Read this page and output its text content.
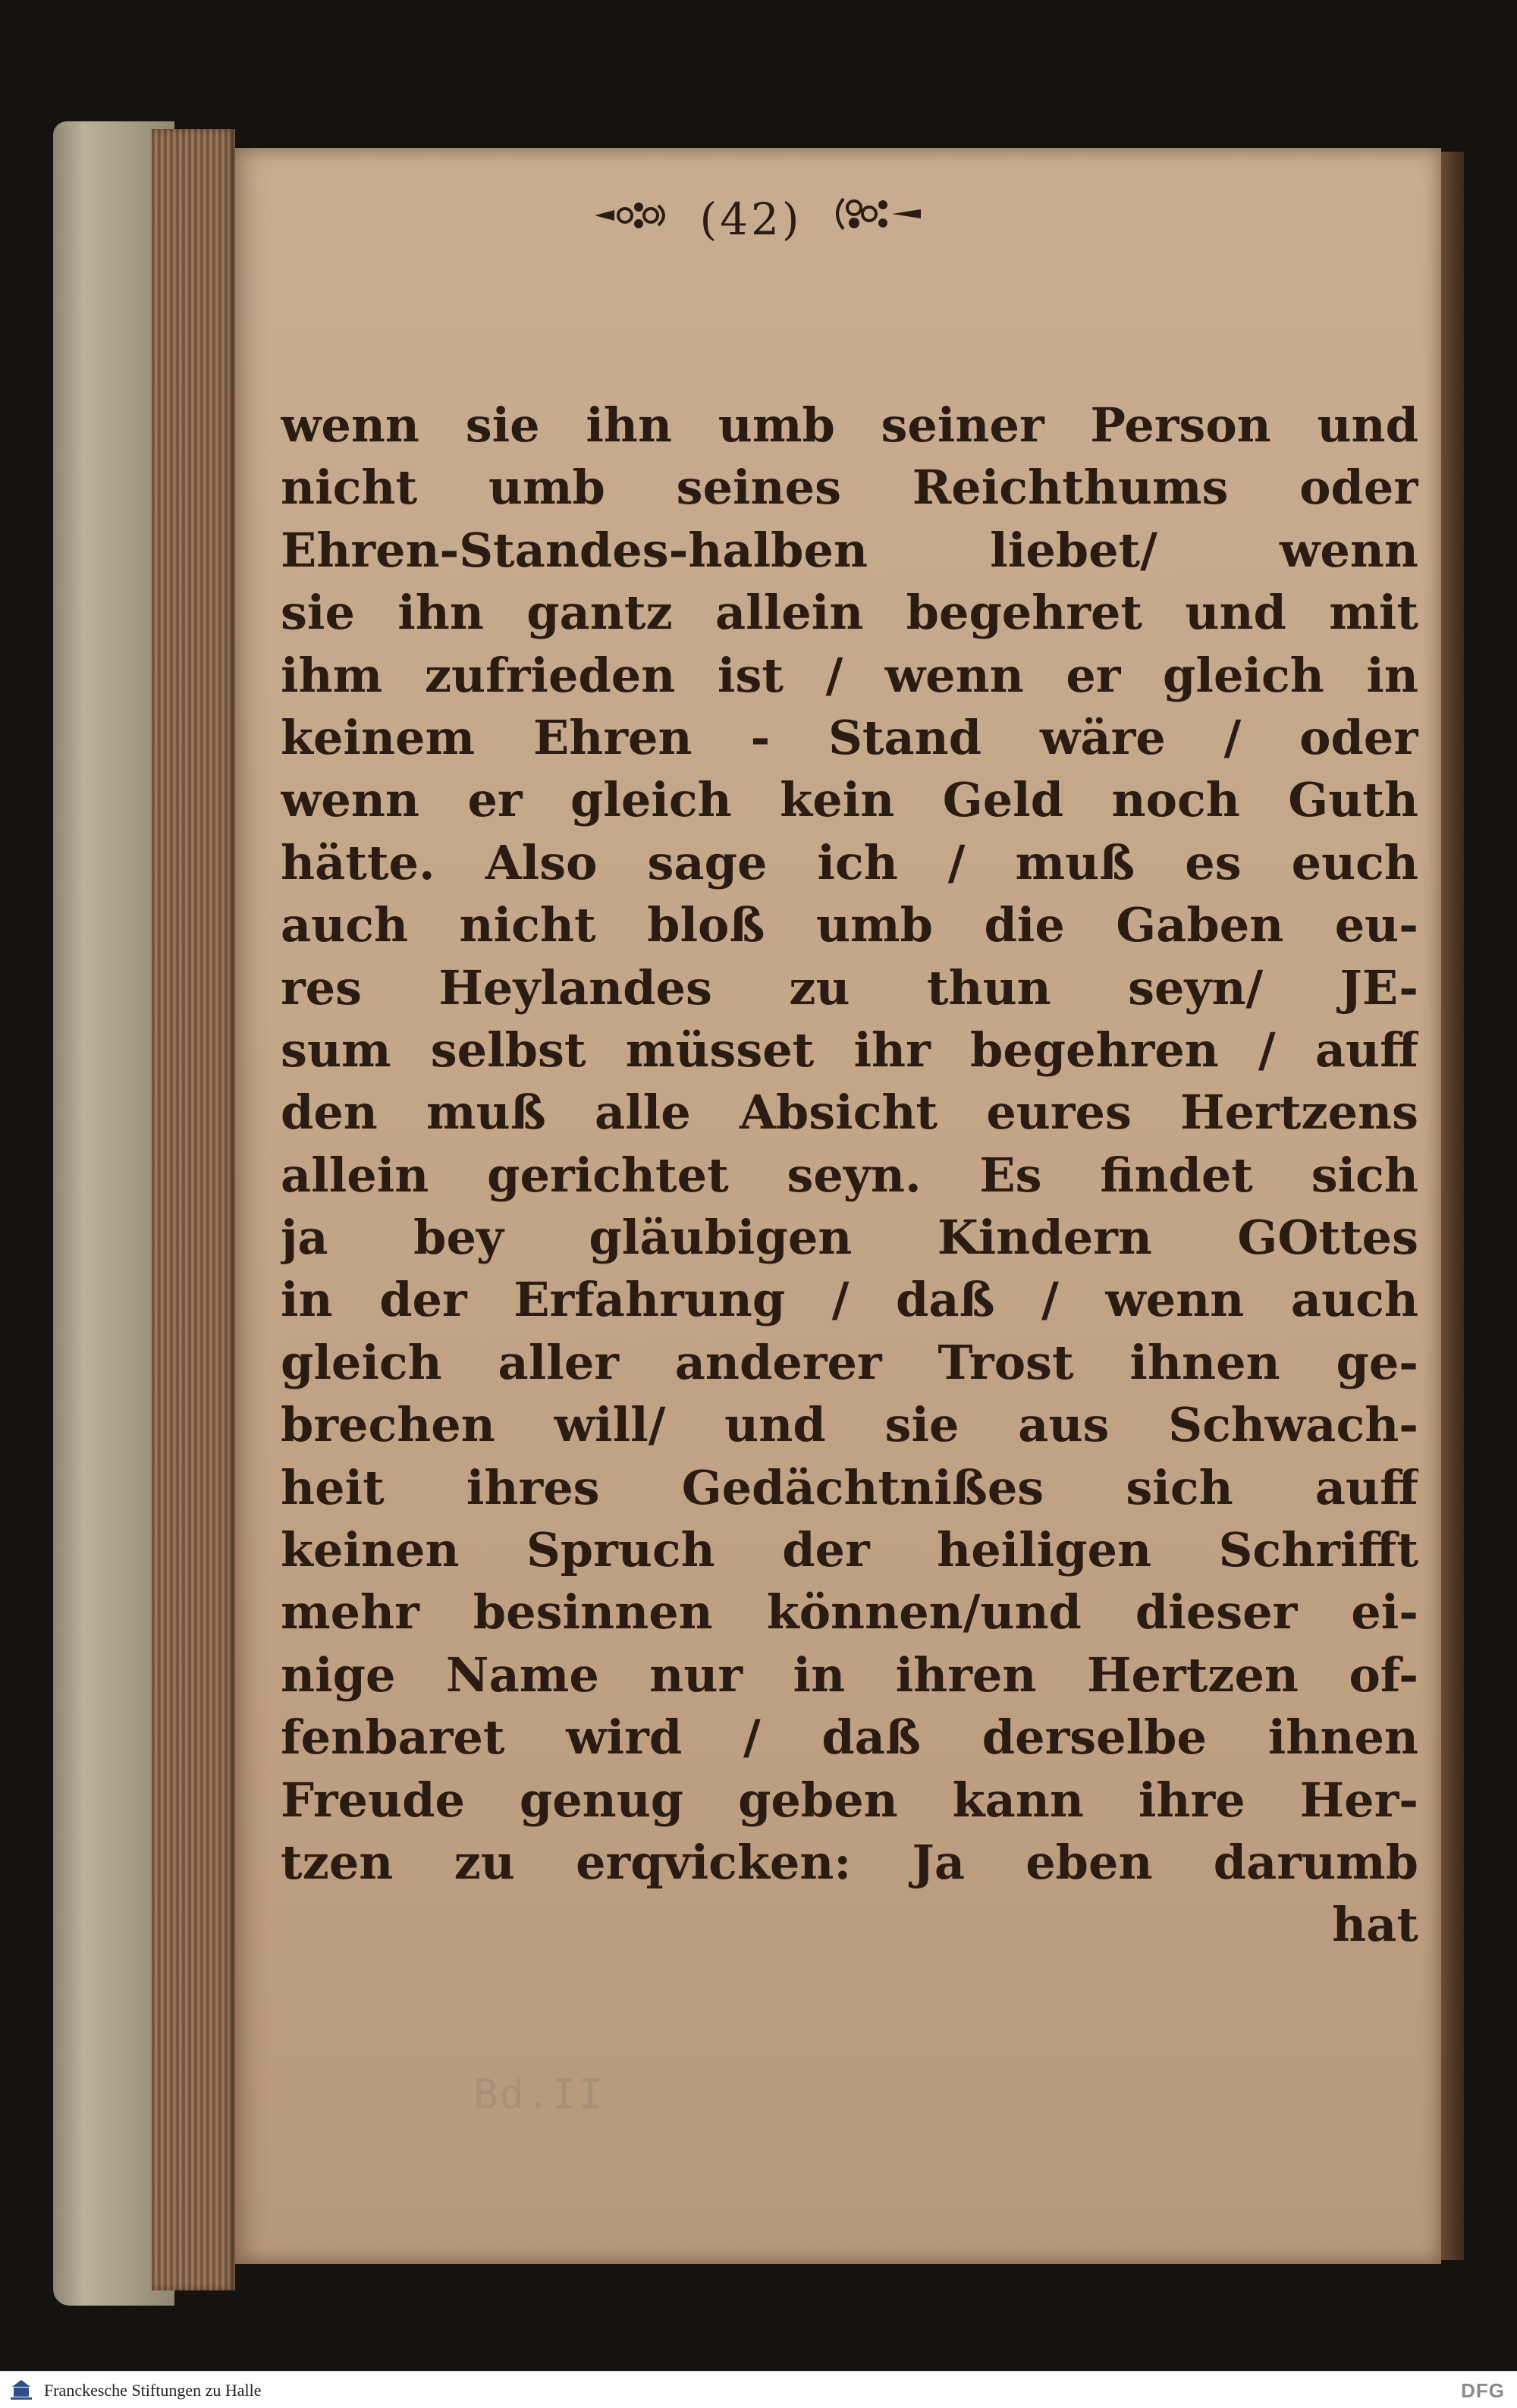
(42)
wenn sie ihn umb seiner Person und
nicht umb seines Reichthums oder
Ehren-Standes-halben liebet/ wenn
sie ihn gantz allein begehret und mit
ihm zufrieden ist / wenn er gleich in
keinem Ehren - Stand wäre / oder
wenn er gleich kein Geld noch Guth
hätte. Also sage ich / muß es euch
auch nicht bloß umb die Gaben eu-
res Heylandes zu thun seyn/ JE-
sum selbst müsset ihr begehren / auff
den muß alle Absicht eures Hertzens
allein gerichtet seyn. Es findet sich
ja bey gläubigen Kindern GOttes
in der Erfahrung / daß / wenn auch
gleich aller anderer Trost ihnen ge-
brechen will/ und sie aus Schwach-
heit ihres Gedächtnißes sich auff
keinen Spruch der heiligen Schrifft
mehr besinnen können/und dieser ei-
nige Name nur in ihren Hertzen of-
fenbaret wird / daß derselbe ihnen
Freude genug geben kann ihre Her-
tzen zu erqvicken: Ja eben darumb
hat
Bd.II
Franckesche Stiftungen zu Halle	DFG
